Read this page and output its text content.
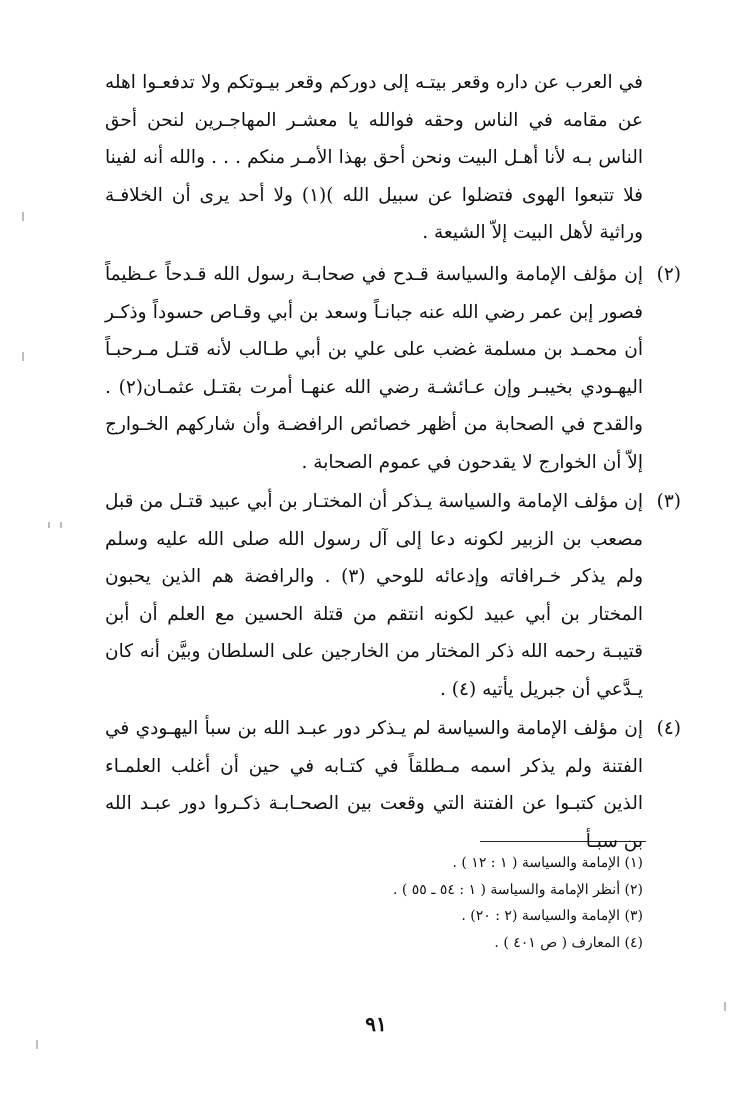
في العرب عن داره وقعر بيتـه إلى دوركم وقعر بيـوتكم ولا تدفعـوا اهله عن مقامه في الناس وحقه فوالله يا معشـر المهاجـرين لنحن أحق الناس بـه لأنا أهـل البيت ونحن أحق بهذا الأمـر منكم . . . والله أنه لفينا فلا تتبعوا الهوى فتضلوا عن سبيل الله )(١) ولا أحد يرى أن الخلافـة وراثية لأهل البيت إلاّ الشيعة .

(٢)

إن مؤلف الإمامة والسياسة قـدح في صحابـة رسول الله قـدحاً عـظيماً فصور إبن عمر رضي الله عنه جبانـاً وسعد بن أبي وقـاص حسوداً وذكـر أن محمـد بن مسلمة غضب على علي بن أبي طـالب لأنه قتـل مـرحبـاً اليهـودي بخيبـر وإن عـائشـة رضي الله عنهـا أمرت بقتـل عثمـان(٢) . والقدح في الصحابة من أظهر خصائص الرافضـة وأن شاركهم الخـوارج إلاّ أن الخوارج لا يقدحون في عموم الصحابة .

(٣)

إن مؤلف الإمامة والسياسة يـذكر أن المختـار بن أبي عبيد قتـل من قبل مصعب بن الزبير لكونه دعا إلى آل رسول الله صلى الله عليه وسلم ولم يذكر خـرافاته وإدعائه للوحي (٣) . والرافضة هم الذين يحبون المختار بن أبي عبيد لكونه انتقم من قتلة الحسين مع العلم أن أبن قتيبـة رحمه الله ذكر المختار من الخارجين على السلطان وبيَّن أنه كان يـدَّعي أن جبريل يأتيه (٤) .

(٤)

إن مؤلف الإمامة والسياسة لم يـذكر دور عبـد الله بن سبأ اليهـودي في الفتنة ولم يذكر اسمه مـطلقاً في كتـابه في حين أن أغلب العلمـاء الذين كتبـوا عن الفتنة التي وقعت بين الصحـابـة ذكـروا دور عبـد الله بن سبـأ

(١) الإمامة والسياسة ( ١ : ١٢ ) .
(٢) أنظر الإمامة والسياسة ( ١ : ٥٤ ـ ٥٥ ) .
(٣) الإمامة والسياسة (٢ : ٢٠) .
(٤) المعارف ( ص ٤٠١ ) .
٩١
